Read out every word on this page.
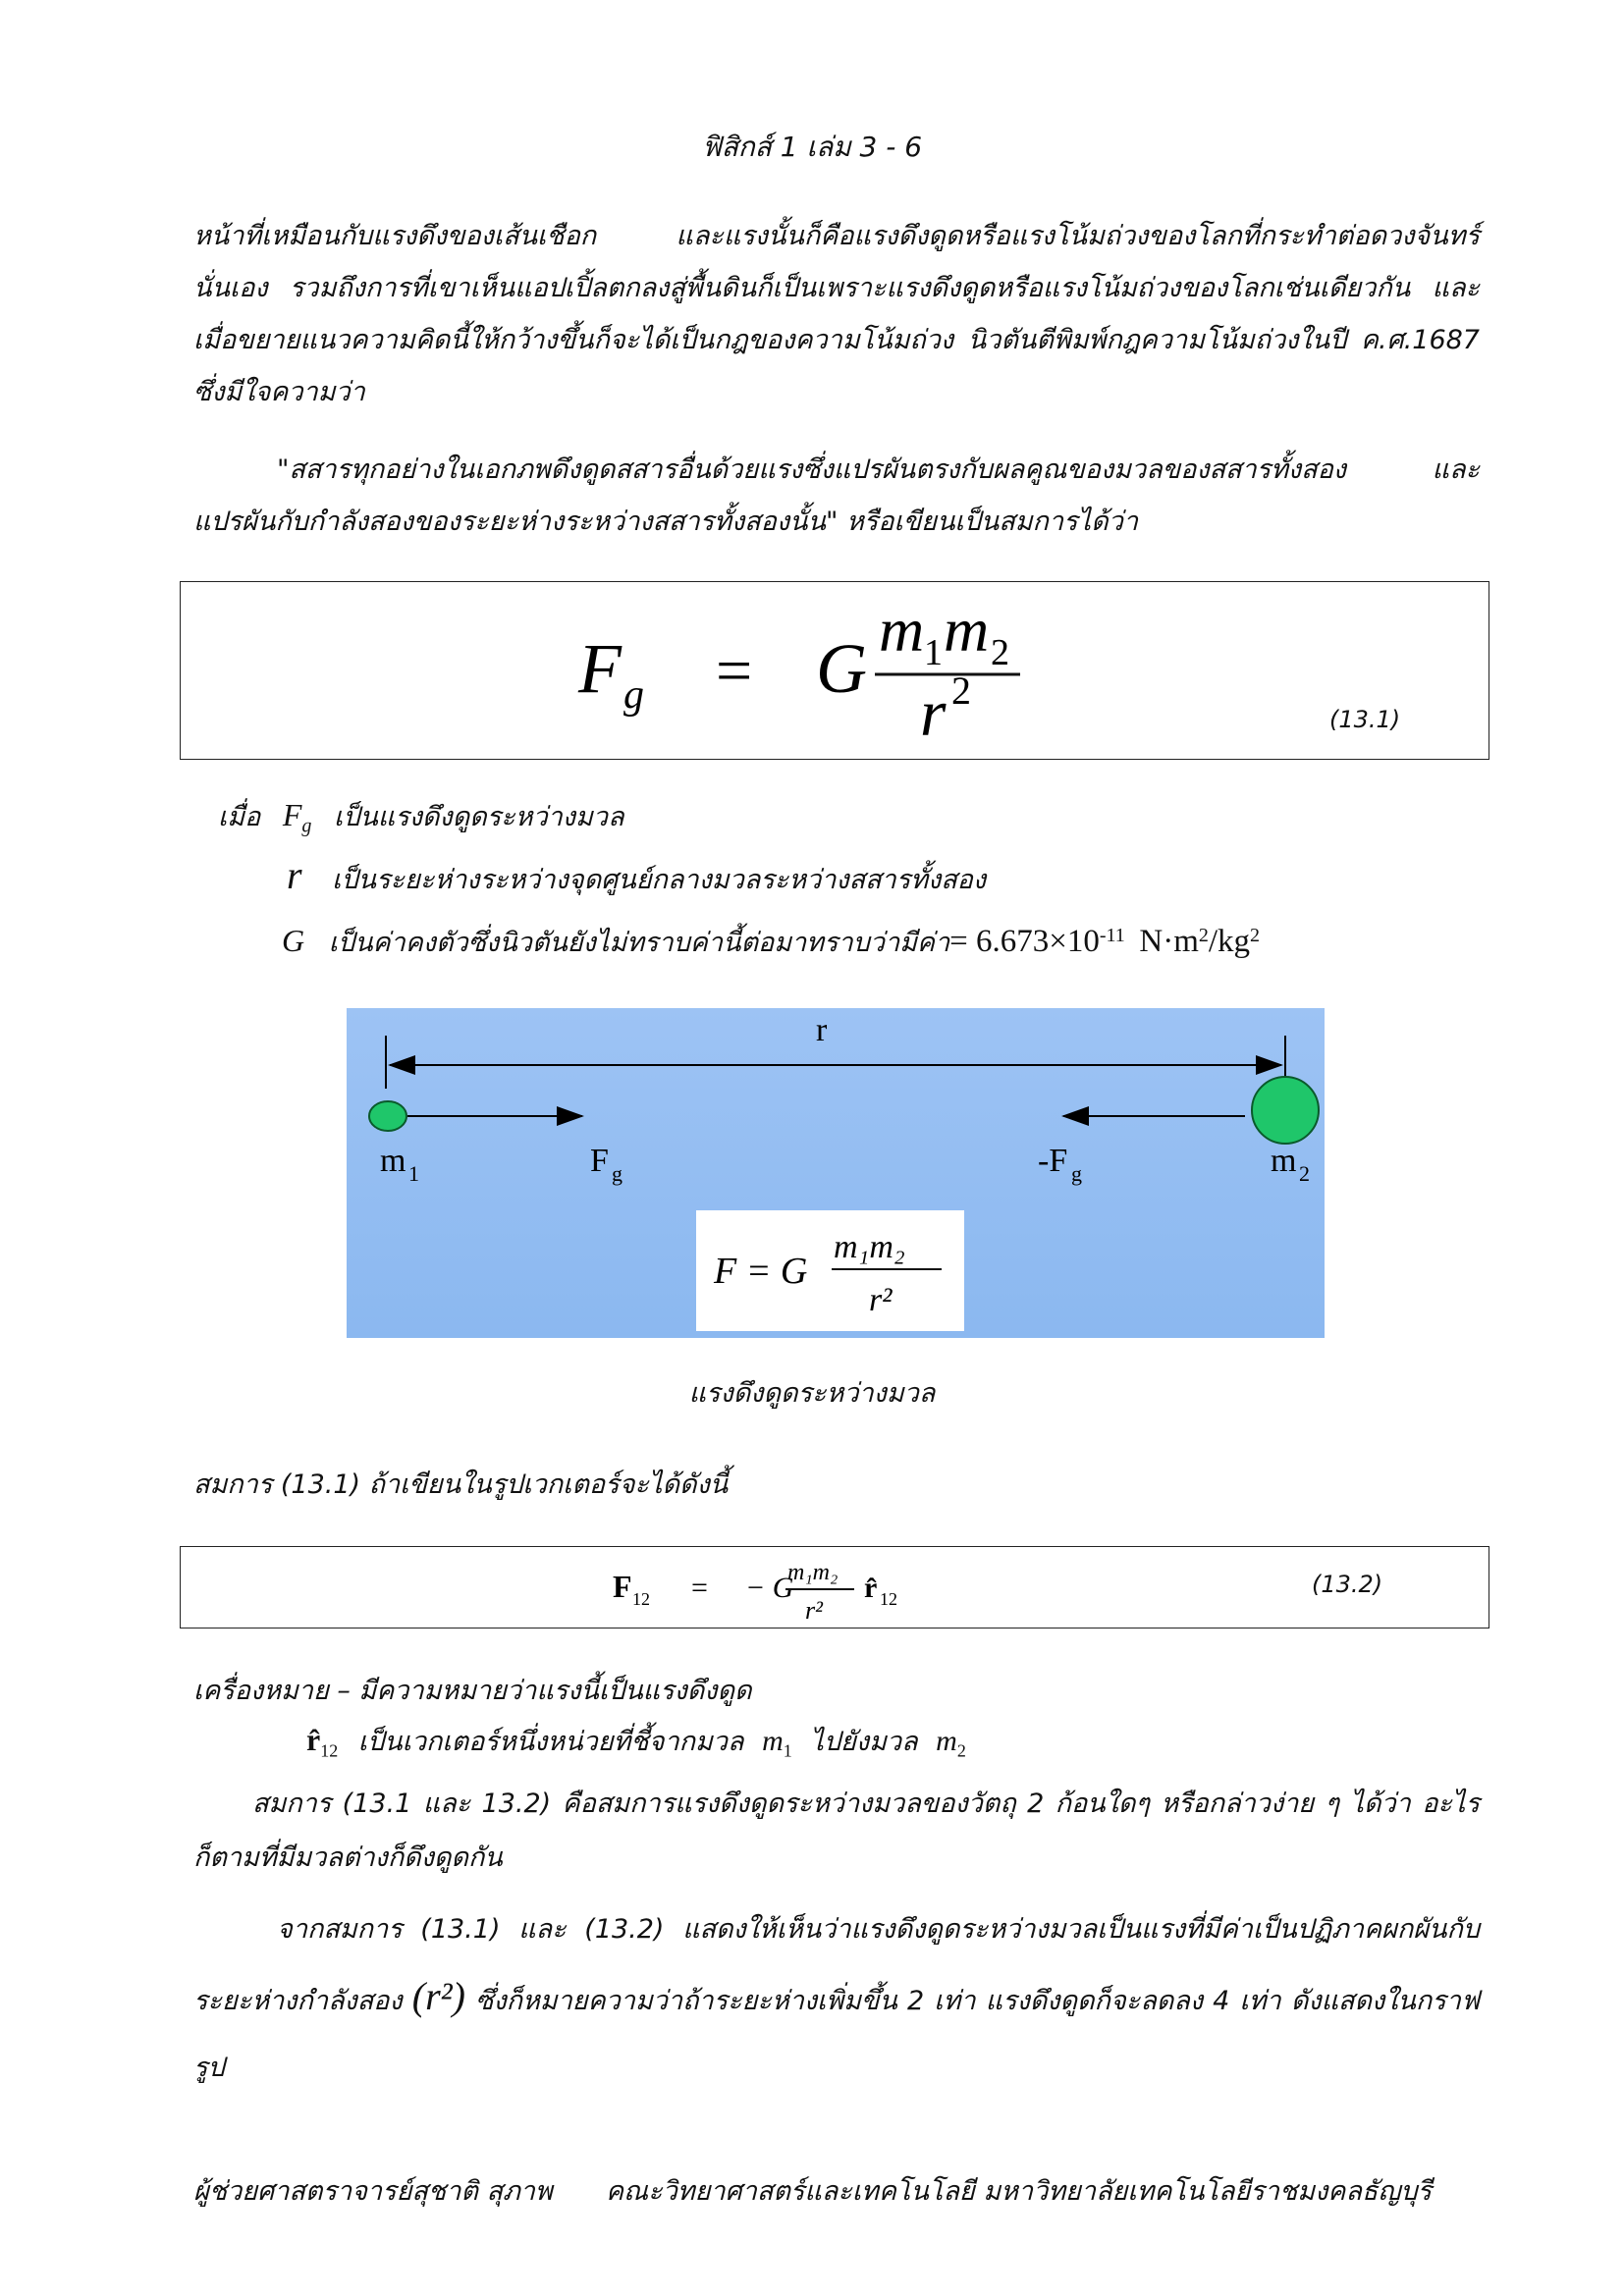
ฟิสิกส์ 1 เล่ม 3 - 6
หน้าที่เหมือนกับแรงดึงของเส้นเชือก และแรงนั้นก็คือแรงดึงดูดหรือแรงโน้มถ่วงของโลกที่กระทำต่อดวงจันทร์นั่นเอง รวมถึงการที่เขาเห็นแอปเปิ้ลตกลงสู่พื้นดินก็เป็นเพราะแรงดึงดูดหรือแรงโน้มถ่วงของโลกเช่นเดียวกัน และเมื่อขยายแนวความคิดนี้ให้กว้างขึ้นก็จะได้เป็นกฎของความโน้มถ่วง นิวตันตีพิมพ์กฎความโน้มถ่วงในปี ค.ศ.1687 ซึ่งมีใจความว่า
"สสารทุกอย่างในเอกภพดึงดูดสสารอื่นด้วยแรงซึ่งแปรผันตรงกับผลคูณของมวลของสสารทั้งสอง และแปรผันกับกำลังสองของระยะห่างระหว่างสสารทั้งสองนั้น" หรือเขียนเป็นสมการได้ว่า
F g = G m 1 m 2
r 2
(13.1)
เมื่อ $F_g$ เป็นแรงดึงดูดระหว่างมวล
r เป็นระยะห่างระหว่างจุดศูนย์กลางมวลระหว่างสสารทั้งสอง
G เป็นค่าคงตัวซึ่งนิวตันยังไม่ทราบค่านี้ต่อมาทราบว่ามีค่า= $6.673\times 10^{-11}$ $N\cdot m^2/kg^2$
r
m 1	F g	-F g	m 2
F = G
m₁m₂
r²
แรงดึงดูดระหว่างมวล
สมการ (13.1) ถ้าเขียนในรูปเวกเตอร์จะได้ดังนี้
F 12 = − G
m₁m₂
r²
r̂ 12
(13.2)
เครื่องหมาย – มีความหมายว่าแรงนี้เป็นแรงดึงดูด
$r̂_{12}$ เป็นเวกเตอร์หนึ่งหน่วยที่ชี้จากมวล $m_1$ ไปยังมวล $m_2$
สมการ (13.1 และ 13.2) คือสมการแรงดึงดูดระหว่างมวลของวัตถุ 2 ก้อนใดๆ หรือกล่าวง่าย ๆ ได้ว่า อะไรก็ตามที่มีมวลต่างก็ดึงดูดกัน
จากสมการ (13.1) และ (13.2) แสดงให้เห็นว่าแรงดึงดูดระหว่างมวลเป็นแรงที่มีค่าเป็นปฏิภาคผกผันกับระยะห่างกำลังสอง (r²) ซึ่งก็หมายความว่าถ้าระยะห่างเพิ่มขึ้น 2 เท่า แรงดึงดูดก็จะลดลง 4 เท่า ดังแสดงในกราฟรูป
ผู้ช่วยศาสตราจารย์สุชาติ สุภาพ คณะวิทยาศาสตร์และเทคโนโลยี มหาวิทยาลัยเทคโนโลยีราชมงคลธัญบุรี
